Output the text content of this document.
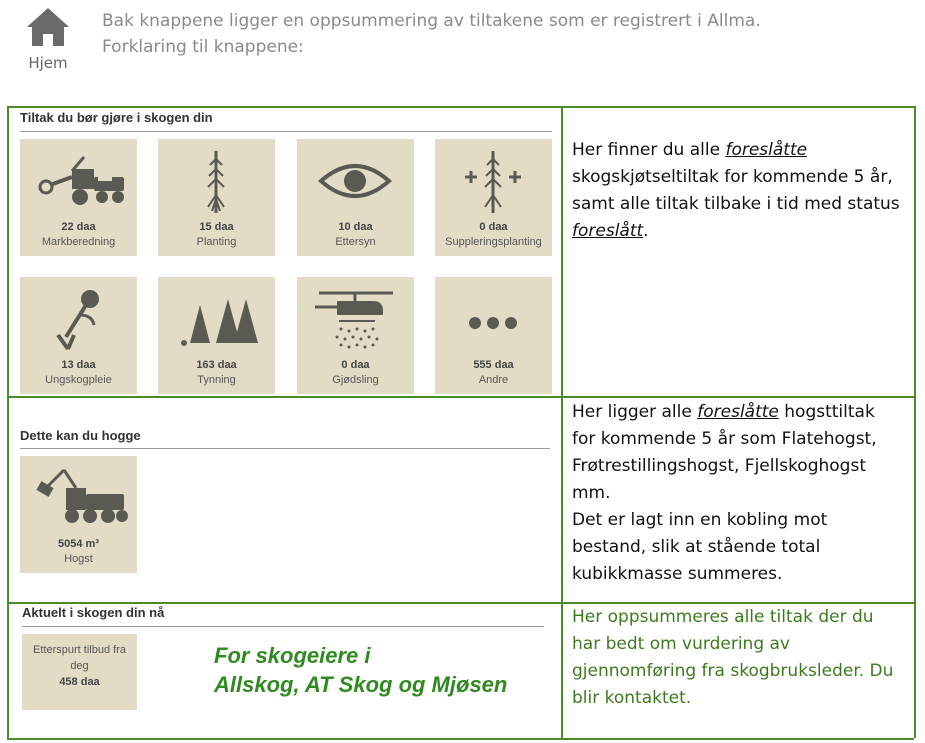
Hjem
Bak knappene ligger en oppsummering av tiltakene som er registrert i Allma.
Forklaring til knappene:
Tiltak du bør gjøre i skogen din
22 daa
Markberedning
15 daa
Planting
10 daa
Ettersyn
0 daa
Suppleringsplanting
13 daa
Ungskogpleie
163 daa
Tynning
0 daa
Gjødsling
555 daa
Andre
Her finner du alle foreslåtte skogskjøtseltiltak for kommende 5 år, samt alle tiltak tilbake i tid med status foreslått.
Dette kan du hogge
5054 m³
Hogst
Her ligger alle foreslåtte hogsttiltak for kommende 5 år som Flatehogst, Frøtrestillingshogst, Fjellskoghogst mm.
Det er lagt inn en kobling mot bestand, slik at stående total kubikkmasse summeres.
Aktuelt i skogen din nå
Etterspurt tilbud fra
deg
458 daa
For skogeiere i
Allskog, AT Skog og Mjøsen
Her oppsummeres alle tiltak der du har bedt om vurdering av gjennomføring fra skogbruksleder. Du blir kontaktet.
